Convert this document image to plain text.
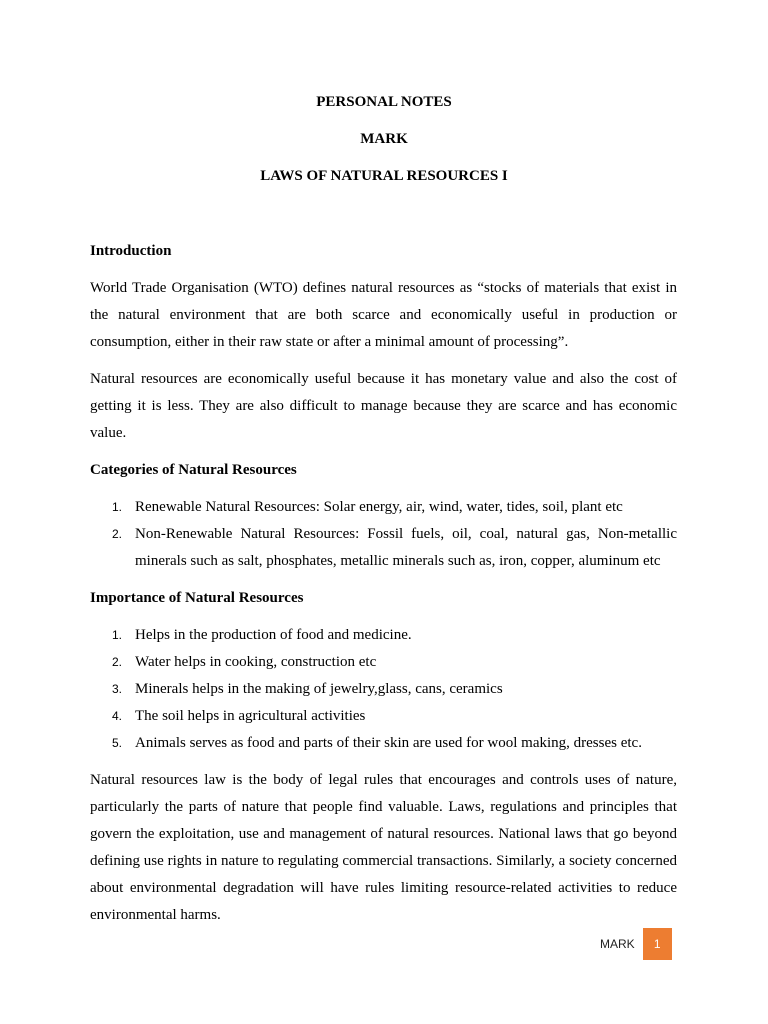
PERSONAL NOTES
MARK
LAWS OF NATURAL RESOURCES I
Introduction

World Trade Organisation (WTO) defines natural resources as “stocks of materials that exist in the natural environment that are both scarce and economically useful in production or consumption, either in their raw state or after a minimal amount of processing”.

Natural resources are economically useful because it has monetary value and also the cost of getting it is less. They are also difficult to manage because they are scarce and has economic value.

Categories of Natural Resources
1. Renewable Natural Resources: Solar energy, air, wind, water, tides, soil, plant etc
2. Non-Renewable Natural Resources: Fossil fuels, oil, coal, natural gas, Non-metallic minerals such as salt, phosphates, metallic minerals such as, iron, copper, aluminum etc
Importance of Natural Resources
1. Helps in the production of food and medicine.
2. Water helps in cooking, construction etc
3. Minerals helps in the making of jewelry,glass, cans, ceramics
4. The soil helps in agricultural activities
5. Animals serves as food and parts of their skin are used for wool making, dresses etc.

Natural resources law is the body of legal rules that encourages and controls uses of nature, particularly the parts of nature that people find valuable. Laws, regulations and principles that govern the exploitation, use and management of natural resources. National laws that go beyond defining use rights in nature to regulating commercial transactions. Similarly, a society concerned about environmental degradation will have rules limiting resource-related activities to reduce environmental harms.

MARK	1
